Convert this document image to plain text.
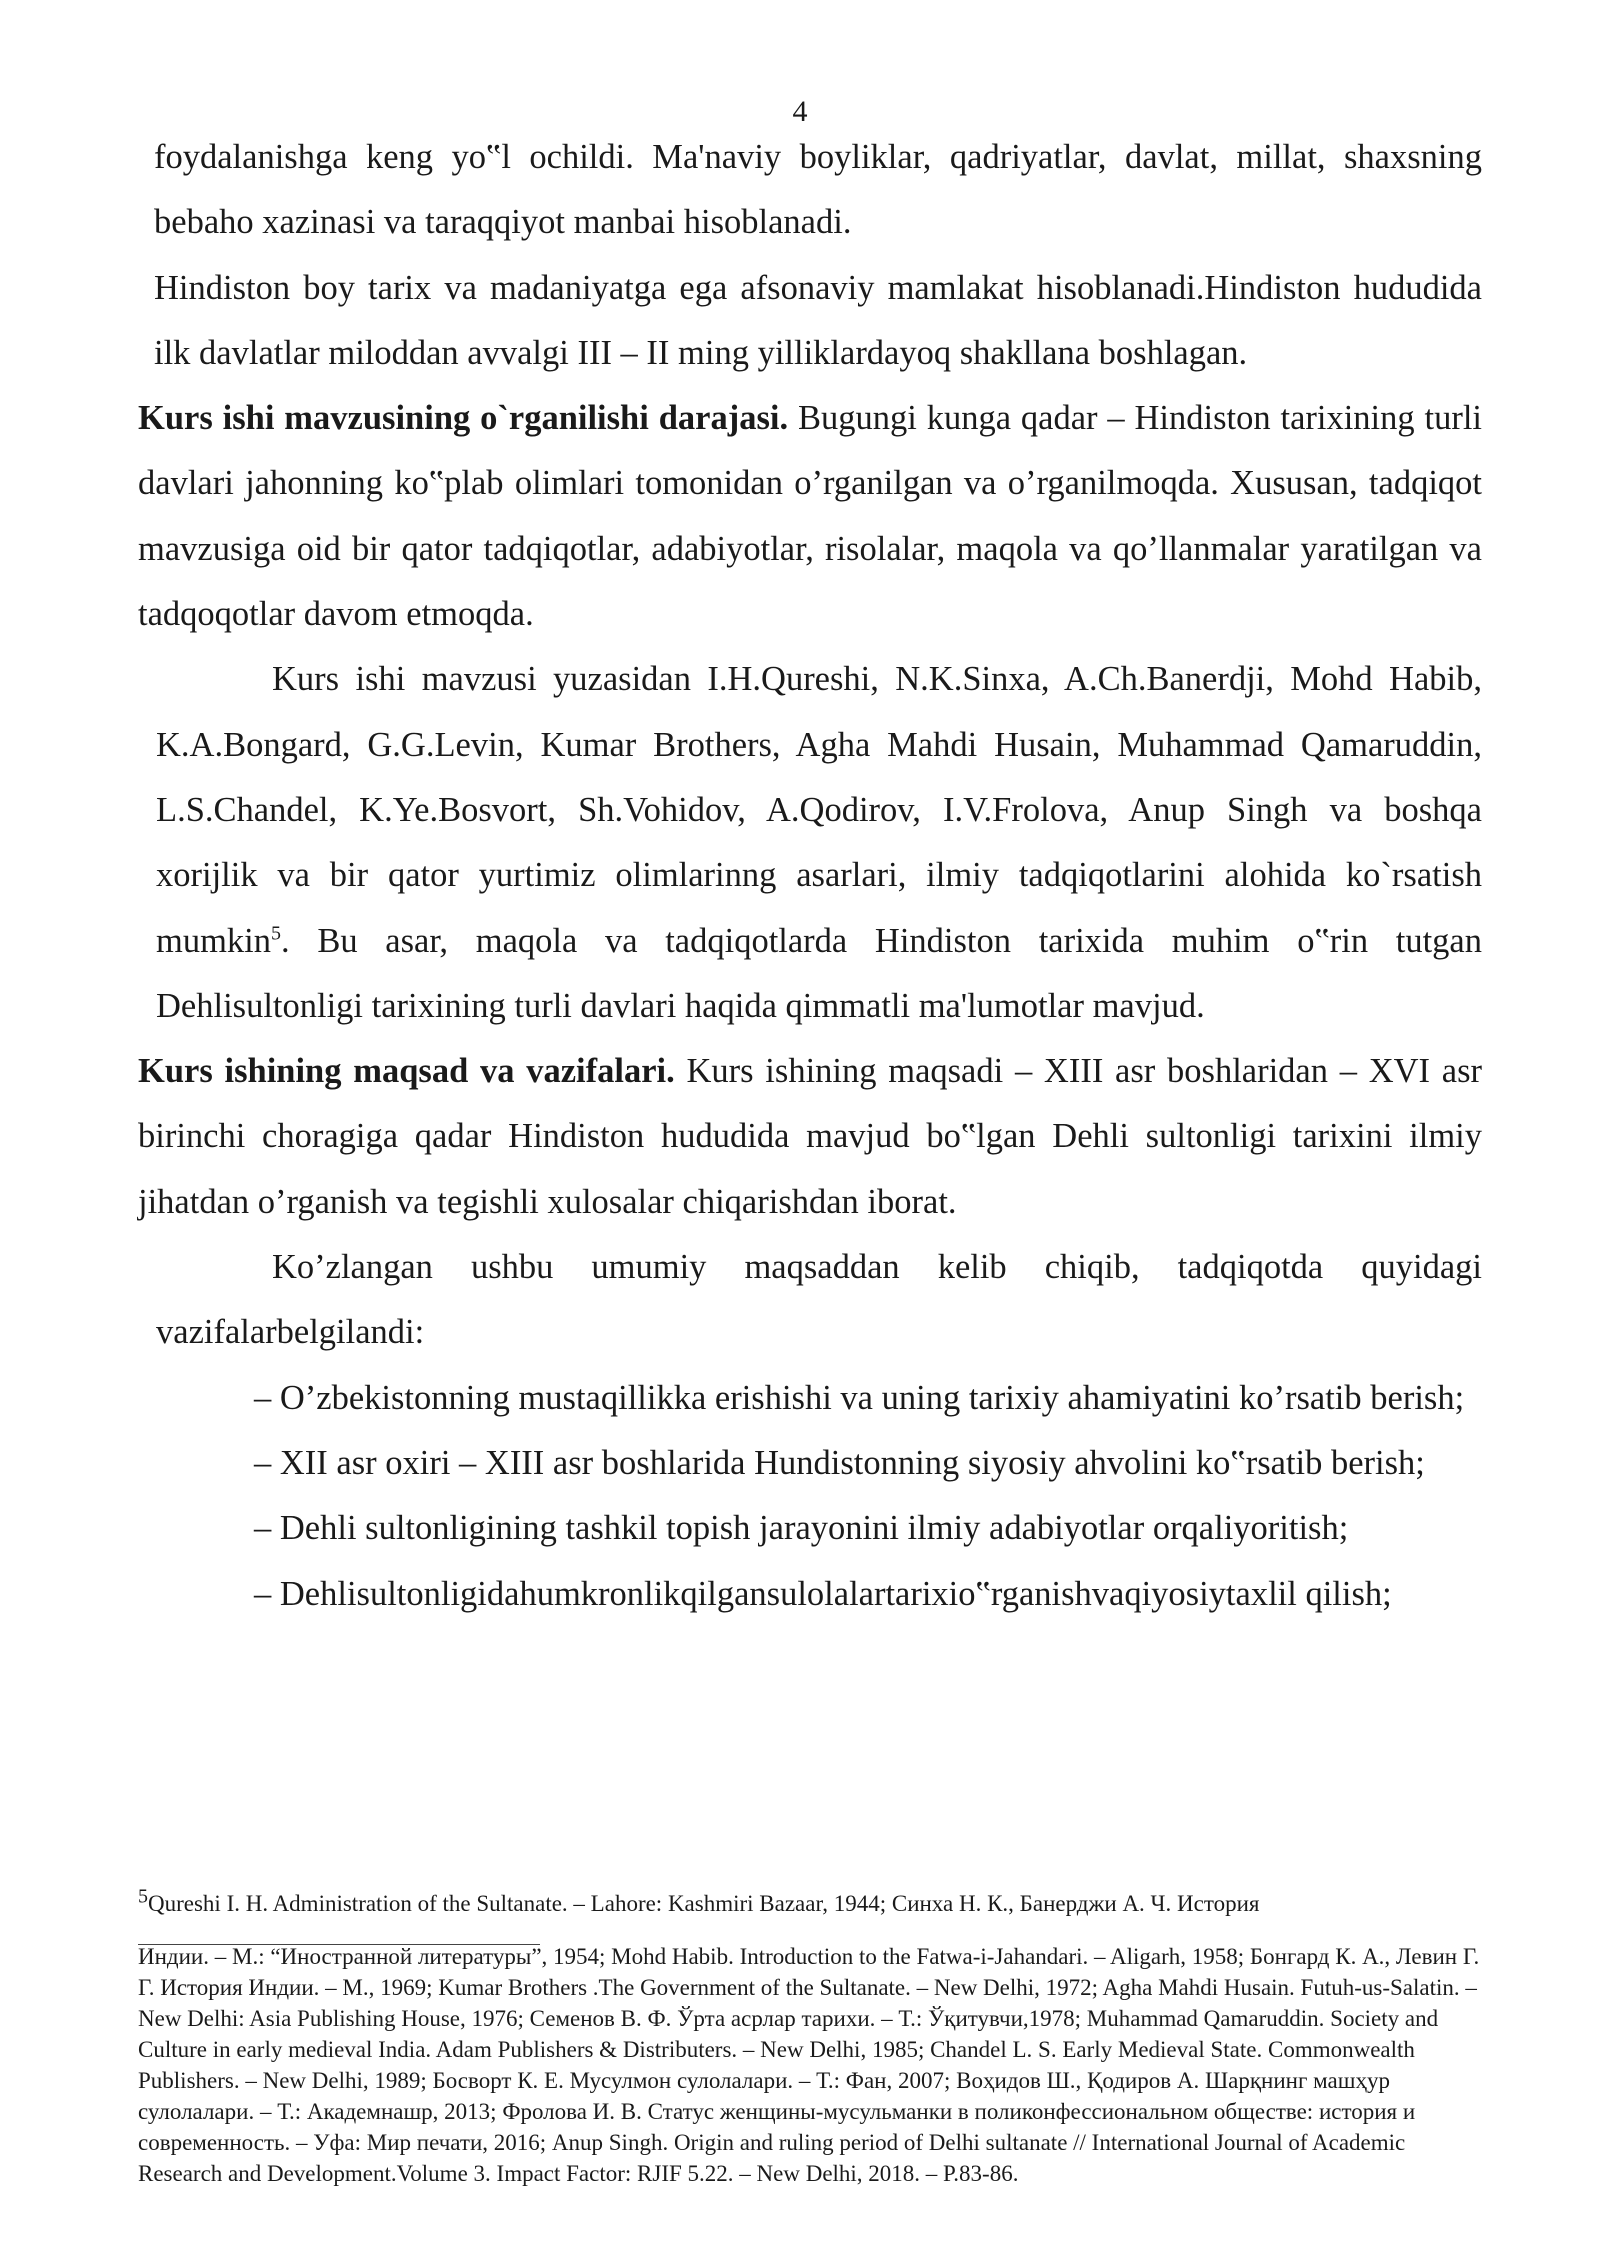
4

foydalanishga keng yo‟l ochildi. Ma'naviy boyliklar, qadriyatlar, davlat, millat, shaxsning bebaho xazinasi va taraqqiyot manbai hisoblanadi.

Hindiston boy tarix va madaniyatga ega afsonaviy mamlakat hisoblanadi.Hindiston hududida ilk davlatlar miloddan avvalgi III – II ming yilliklardayoq shakllana boshlagan.

Kurs ishi mavzusining o`rganilishi darajasi. Bugungi kunga qadar – Hindiston tarixining turli davlari jahonning ko‟plab olimlari tomonidan o’rganilgan va o’rganilmoqda. Xususan, tadqiqot mavzusiga oid bir qator tadqiqotlar, adabiyotlar, risolalar, maqola va qo’llanmalar yaratilgan va tadqoqotlar davom etmoqda.

Kurs ishi mavzusi yuzasidan I.H.Qureshi, N.K.Sinxa, A.Ch.Banerdji, Mohd Habib, K.A.Bongard, G.G.Levin, Kumar Brothers, Agha Mahdi Husain, Muhammad Qamaruddin, L.S.Chandel, K.Ye.Bosvort, Sh.Vohidov, A.Qodirov, I.V.Frolova, Anup Singh va boshqa xorijlik va bir qator yurtimiz olimlarinng asarlari, ilmiy tadqiqotlarini alohida ko`rsatish mumkin$^5$. Bu asar, maqola va tadqiqotlarda Hindiston tarixida muhim o‟rin tutgan Dehlisultonligi tarixining turli davlari haqida qimmatli ma'lumotlar mavjud.

Kurs ishining maqsad va vazifalari. Kurs ishining maqsadi – XIII asr boshlaridan – XVI asr birinchi choragiga qadar Hindiston hududida mavjud bo‟lgan Dehli sultonligi tarixini ilmiy jihatdan o’rganish va tegishli xulosalar chiqarishdan iborat.

Ko’zlangan ushbu umumiy maqsaddan kelib chiqib, tadqiqotda quyidagi vazifalarbelgilandi:

– O’zbekistonning mustaqillikka erishishi va uning tarixiy ahamiyatini ko’rsatib berish;

– XII asr oxiri – XIII asr boshlarida Hundistonning siyosiy ahvolini ko‟rsatib berish;

– Dehli sultonligining tashkil topish jarayonini ilmiy adabiyotlar orqaliyoritish;

– Dehlisultonligidahumkronlikqilgansulolalartarixio‟rganishvaqiyosiytaxlil qilish;

$^5$Qureshi I. H. Administration of the Sultanate. – Lahore: Kashmiri Bazaar, 1944; Синха Н. К., Банерджи А. Ч. История

Индии. – М.: “Иностранной литературы”, 1954; Mohd Habib. Introduction to the Fatwa-i-Jahandari. – Aligarh, 1958; Бонгард К. А., Левин Г. Г. История Индии. – М., 1969; Kumar Brothers .The Government of the Sultanate. – New Delhi, 1972; Agha Mahdi Husain. Futuh-us-Salatin. – New Delhi: Asia Publishing House, 1976; Семенов В. Ф. Ўрта асрлар тарихи. – Т.: Ўқитувчи,1978; Muhammad Qamaruddin. Society and Culture in early medieval India. Adam Publishers & Distributers. – New Delhi, 1985; Chandel L. S. Early Medieval State. Commonwealth Publishers. – New Delhi, 1989; Босворт К. Е. Мусулмон сулолалари. – Т.: Фан, 2007; Воҳидов Ш., Қодиров А. Шарқнинг машҳур сулолалари. – Т.: Академнашр, 2013; Фролова И. В. Статус женщины-мусульманки в поликонфессиональном обществе: история и современность. – Уфа: Мир печати, 2016; Anup Singh. Origin and ruling period of Delhi sultanate // International Journal of Academic Research and Development.Volume 3. Impact Factor: RJIF 5.22. – New Delhi, 2018. – P.83-86.
